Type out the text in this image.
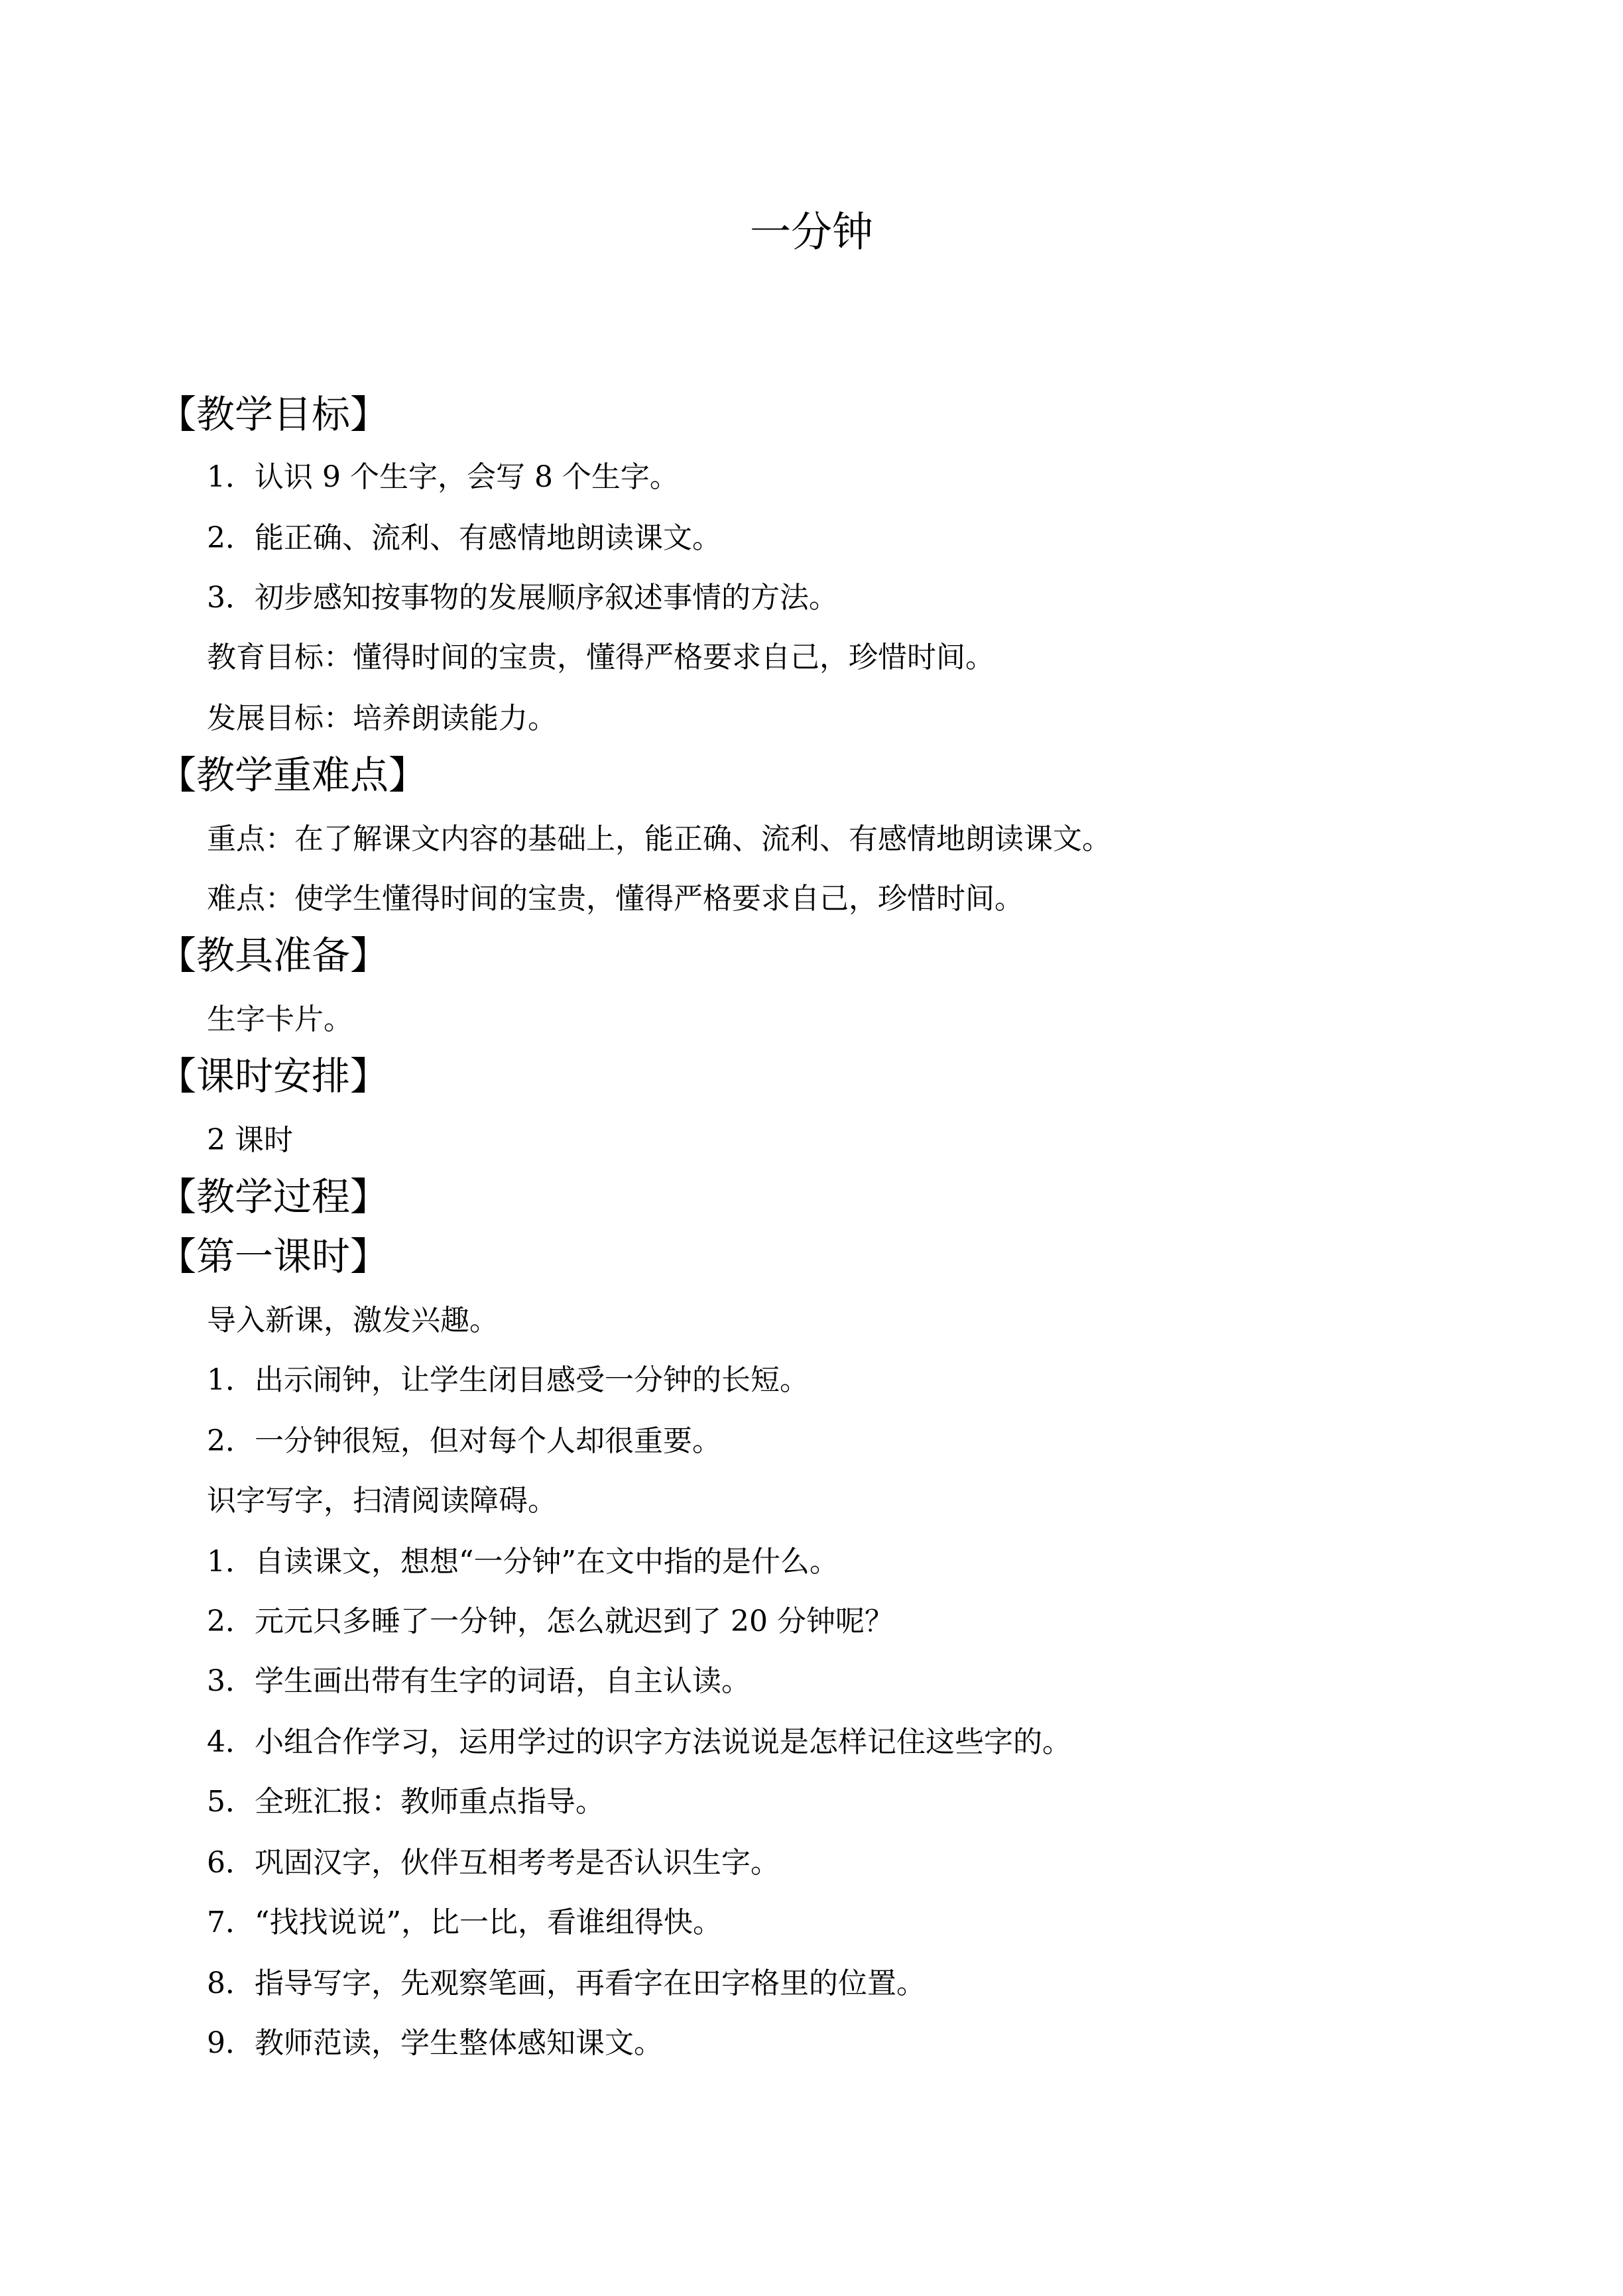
一分钟
【教学目标】
1．认识 9 个生字，会写 8 个生字。
2．能正确、流利、有感情地朗读课文。
3．初步感知按事物的发展顺序叙述事情的方法。
教育目标：懂得时间的宝贵，懂得严格要求自己，珍惜时间。
发展目标：培养朗读能力。
【教学重难点】
重点：在了解课文内容的基础上，能正确、流利、有感情地朗读课文。
难点：使学生懂得时间的宝贵，懂得严格要求自己，珍惜时间。
【教具准备】
生字卡片。
【课时安排】
2 课时
【教学过程】
【第一课时】
导入新课，激发兴趣。
1．出示闹钟，让学生闭目感受一分钟的长短。
2．一分钟很短，但对每个人却很重要。
识字写字，扫清阅读障碍。
1．自读课文，想想“一分钟”在文中指的是什么。
2．元元只多睡了一分钟，怎么就迟到了 20 分钟呢？
3．学生画出带有生字的词语，自主认读。
4．小组合作学习，运用学过的识字方法说说是怎样记住这些字的。
5．全班汇报：教师重点指导。
6．巩固汉字，伙伴互相考考是否认识生字。
7．“找找说说”，比一比，看谁组得快。
8．指导写字，先观察笔画，再看字在田字格里的位置。
9．教师范读，学生整体感知课文。
